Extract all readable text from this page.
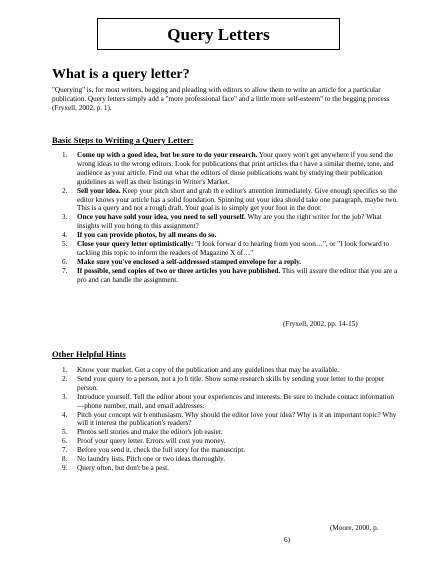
Query Letters
What is a query letter?

"Querying" is, for most writers, begging and pleading with editors to allow them to write an article for a particular publication. Query letters simply add a "more professional face" and a little more self-esteem" to the begging process (Fryxell, 2002, p. 1).

Basic Steps to Writing a Query Letter:
1. Come up with a good idea, but be sure to do your research. Your query won't get anywhere if you send the wrong ideas to the wrong editors. Look for publications that print articles tha t have a similar theme, tone, and audience as your article. Find out what the editors of those publications want by studying their publication guidelines as well as their listings in Writer's Market.
2. Sell your idea. Keep your pitch short and grab th e editor's attention immediately. Give enough specifics so the editor knows your article has a solid foundation. Spinning out your idea should take one paragraph, maybe two. This is a query and not a rough draft. Your goal is to simply get your foot in the door.
3. Once you have sold your idea, you need to sell yourself. Why are you the right writer for the job? What insights will you bring to this assignment?
4. If you can provide photos, by all means do so.
5. Close your query letter optimistically: "I look forwar d to hearing from you soon…", or "I look forward to tackling this topic to inform the readers of Magazine X of…"
6. Make sure you've enclosed a self-addressed stamped envelope for a reply.
7. If possible, send copies of two or three articles you have published. This will assure the editor that you are a pro and can handle the assignment.

(Fryxell, 2002, pp. 14-15)

Other Helpful Hints
1. Know your market. Get a copy of the publication and any guidelines that may be available.
2. Send your query to a person, not a jo b title. Show some research skills by sending your letter to the proper person.
3. Introduce yourself. Tell the editor about your experiences and interests. Be sure to include contact information—phone number, mail, and email addresses.
4. Pitch your concept wit h enthusiasm. Why should the editor love your idea? Why is it an important topic? Why will it interest the publication's readers?
5. Photos sell stories and make the editor's job easier.
6. Proof your query letter. Errors will cost you money.
7. Before you send it, check the full story for the manuscript.
8. No laundry lists. Pitch one or two ideas thoroughly.
9. Query often, but don't be a pest.

(Moore, 2000, p.

6)
